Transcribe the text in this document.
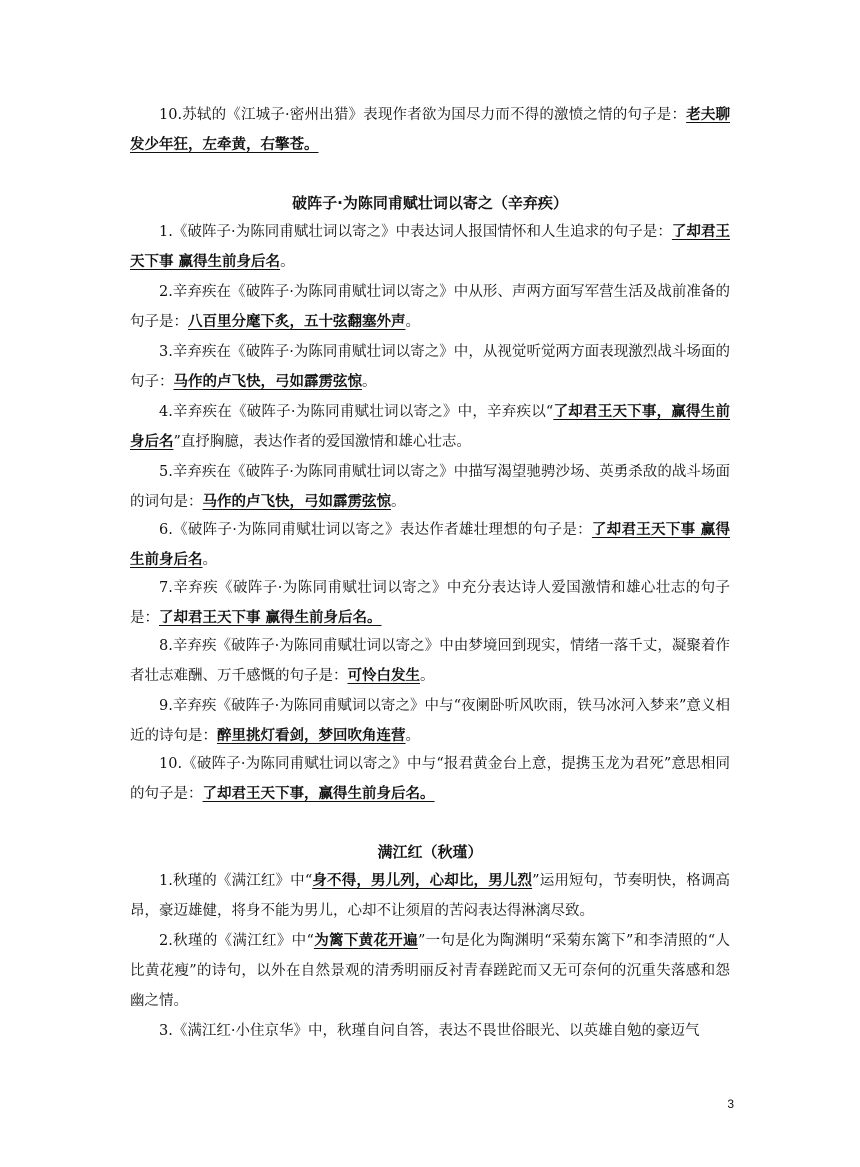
10.苏轼的《江城子·密州出猎》表现作者欲为国尽力而不得的激愤之情的句子是：老夫聊发少年狂，左牵黄，右擎苍。

破阵子·为陈同甫赋壮词以寄之（辛弃疾）

1.《破阵子·为陈同甫赋壮词以寄之》中表达词人报国情怀和人生追求的句子是：了却君王天下事 赢得生前身后名。

2.辛弃疾在《破阵子·为陈同甫赋壮词以寄之》中从形、声两方面写军营生活及战前准备的句子是：八百里分麾下炙，五十弦翻塞外声。

3.辛弃疾在《破阵子·为陈同甫赋壮词以寄之》中，从视觉听觉两方面表现激烈战斗场面的句子：马作的卢飞快，弓如霹雳弦惊。

4.辛弃疾在《破阵子·为陈同甫赋壮词以寄之》中，辛弃疾以“了却君王天下事，赢得生前身后名”直抒胸臆，表达作者的爱国激情和雄心壮志。

5.辛弃疾在《破阵子·为陈同甫赋壮词以寄之》中描写渴望驰骋沙场、英勇杀敌的战斗场面的词句是：马作的卢飞快，弓如霹雳弦惊。

6.《破阵子·为陈同甫赋壮词以寄之》表达作者雄壮理想的句子是：了却君王天下事 赢得生前身后名。

7.辛弃疾《破阵子·为陈同甫赋壮词以寄之》中充分表达诗人爱国激情和雄心壮志的句子是：了却君王天下事 赢得生前身后名。

8.辛弃疾《破阵子·为陈同甫赋壮词以寄之》中由梦境回到现实，情绪一落千丈，凝聚着作者壮志难酬、万千感慨的句子是：可怜白发生。

9.辛弃疾《破阵子·为陈同甫赋词以寄之》中与“夜阑卧听风吹雨，铁马冰河入梦来”意义相近的诗句是：醉里挑灯看剑，梦回吹角连营。

10.《破阵子·为陈同甫赋壮词以寄之》中与“报君黄金台上意，提携玉龙为君死”意思相同的句子是：了却君王天下事，赢得生前身后名。

满江红（秋瑾）

1.秋瑾的《满江红》中“身不得，男儿列，心却比，男儿烈”运用短句，节奏明快，格调高昂，豪迈雄健，将身不能为男儿，心却不让须眉的苦闷表达得淋漓尽致。

2.秋瑾的《满江红》中“为篱下黄花开遍”一句是化为陶渊明“采菊东篱下”和李清照的“人比黄花瘦”的诗句，以外在自然景观的清秀明丽反衬青春蹉跎而又无可奈何的沉重失落感和怨幽之情。

3.《满江红·小住京华》中，秋瑾自问自答，表达不畏世俗眼光、以英雄自勉的豪迈气

3
